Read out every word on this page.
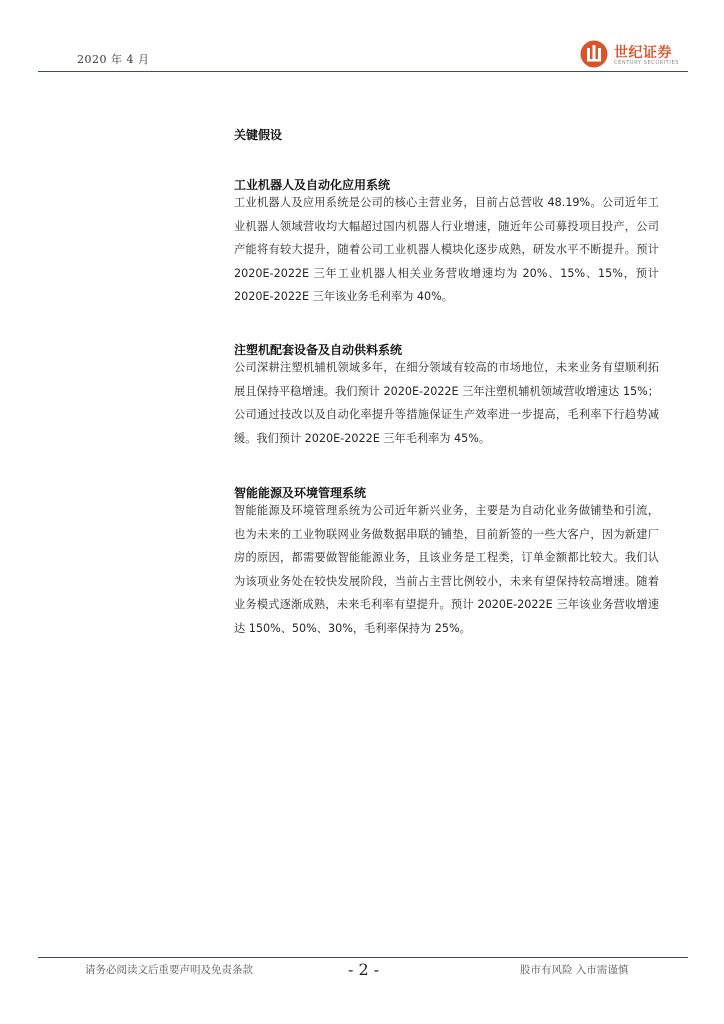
2020 年 4 月	世纪证券
CENTURY SECURITIES
关键假设
工业机器人及自动化应用系统

工业机器人及应用系统是公司的核心主营业务，目前占总营收 48.19%。公司近年工业机器人领域营收均大幅超过国内机器人行业增速，随近年公司募投项目投产，公司产能将有较大提升，随着公司工业机器人模块化逐步成熟，研发水平不断提升。预计 2020E-2022E 三年工业机器人相关业务营收增速均为 20%、15%、15%，预计 2020E-2022E 三年该业务毛利率为 40%。

注塑机配套设备及自动供料系统

公司深耕注塑机辅机领域多年，在细分领域有较高的市场地位，未来业务有望顺利拓展且保持平稳增速。我们预计 2020E-2022E 三年注塑机辅机领域营收增速达 15%；公司通过技改以及自动化率提升等措施保证生产效率进一步提高，毛利率下行趋势减缓。我们预计 2020E-2022E 三年毛利率为 45%。

智能能源及环境管理系统

智能能源及环境管理系统为公司近年新兴业务，主要是为自动化业务做铺垫和引流，也为未来的工业物联网业务做数据串联的铺垫，目前新签的一些大客户，因为新建厂房的原因，都需要做智能能源业务，且该业务是工程类，订单金额都比较大。我们认为该项业务处在较快发展阶段，当前占主营比例较小，未来有望保持较高增速。随着业务模式逐渐成熟，未来毛利率有望提升。预计 2020E-2022E 三年该业务营收增速达 150%、50%、30%，毛利率保持为 25%。

请务必阅读文后重要声明及免责条款	- 2 -	股市有风险 入市需谨慎
